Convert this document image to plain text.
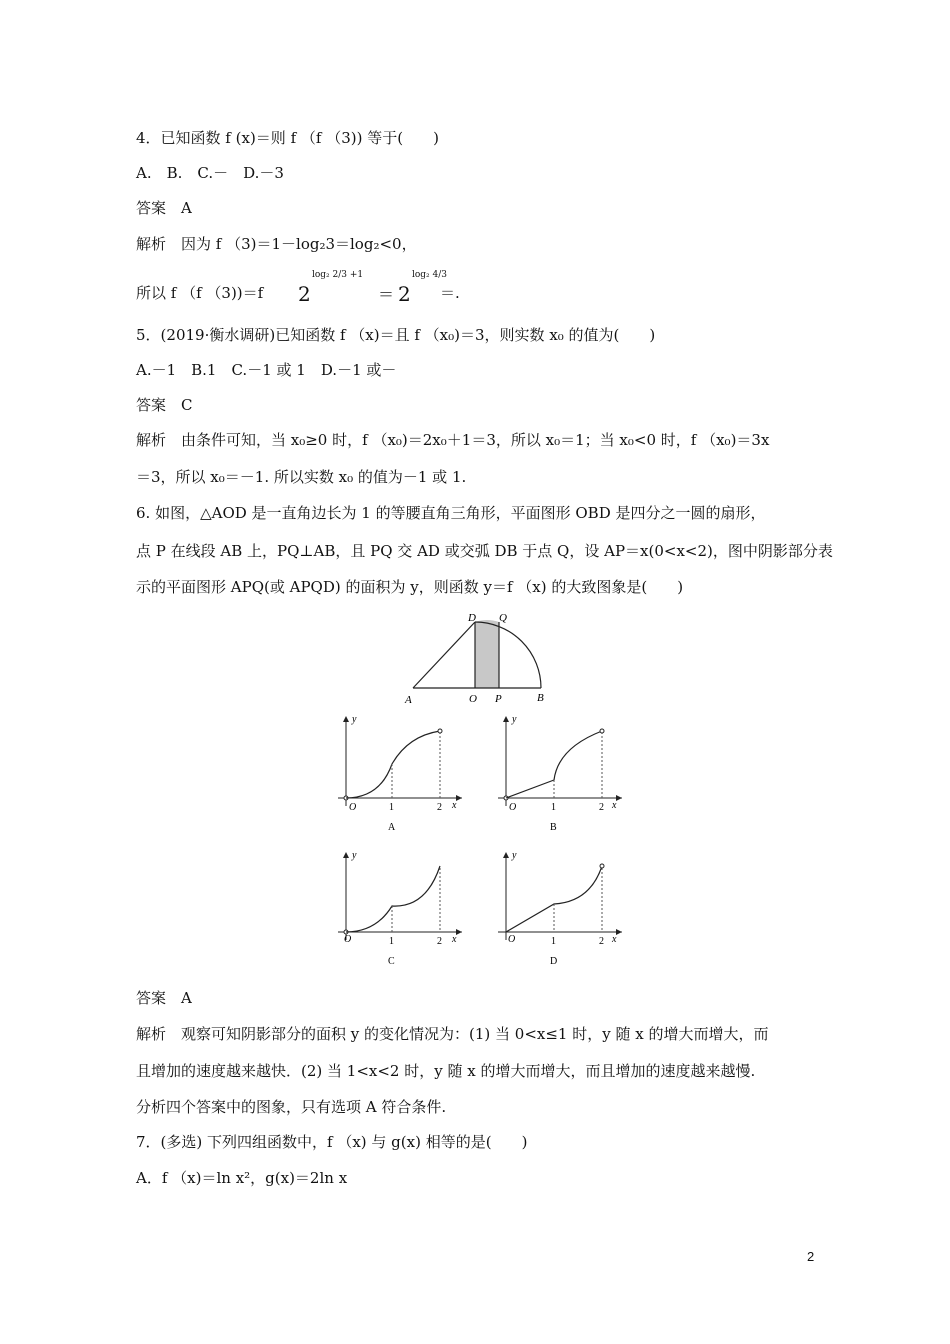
4．已知函数 f (x)＝则 f （f （3)) 等于(　　)
A.　B.　C.－　D.－3
答案　A
解析　因为 f （3)＝1－log₂3＝log₂<0，
所以 f （f （3))＝f 2
log₂ 2/3 +1
＝ 2
log₂ 4/3
＝.
5．(2019·衡水调研)已知函数 f （x)＝且 f （x₀)＝3，则实数 x₀ 的值为(　　)
A.－1　B.1　C.－1 或 1　D.－1 或－
答案　C
解析　由条件可知，当 x₀≥0 时，f （x₀)＝2x₀＋1＝3，所以 x₀＝1；当 x₀<0 时，f （x₀)＝3x
＝3，所以 x₀＝－1. 所以实数 x₀ 的值为－1 或 1.
6. 如图，△AOD 是一直角边长为 1 的等腰直角三角形，平面图形 OBD 是四分之一圆的扇形，
点 P 在线段 AB 上，PQ⊥AB，且 PQ 交 AD 或交弧 DB 于点 Q，设 AP＝x(0<x<2)，图中阴影部分表
示的平面图形 APQ(或 APQD) 的面积为 y，则函数 y＝f （x) 的大致图象是(　　)
A	O P	B
D Q
y
x
O	1	2
A
y
x
O	1	2
B
y
x
O	1	2
C
y
x
O	1	2
D
答案　A
解析　观察可知阴影部分的面积 y 的变化情况为：(1) 当 0<x≤1 时，y 随 x 的增大而增大，而
且增加的速度越来越快．(2) 当 1<x<2 时，y 随 x 的增大而增大，而且增加的速度越来越慢.
分析四个答案中的图象，只有选项 A 符合条件.
7．(多选) 下列四组函数中，f （x) 与 g(x) 相等的是(　　)
A．f （x)＝ln x²，g(x)＝2ln x
2
